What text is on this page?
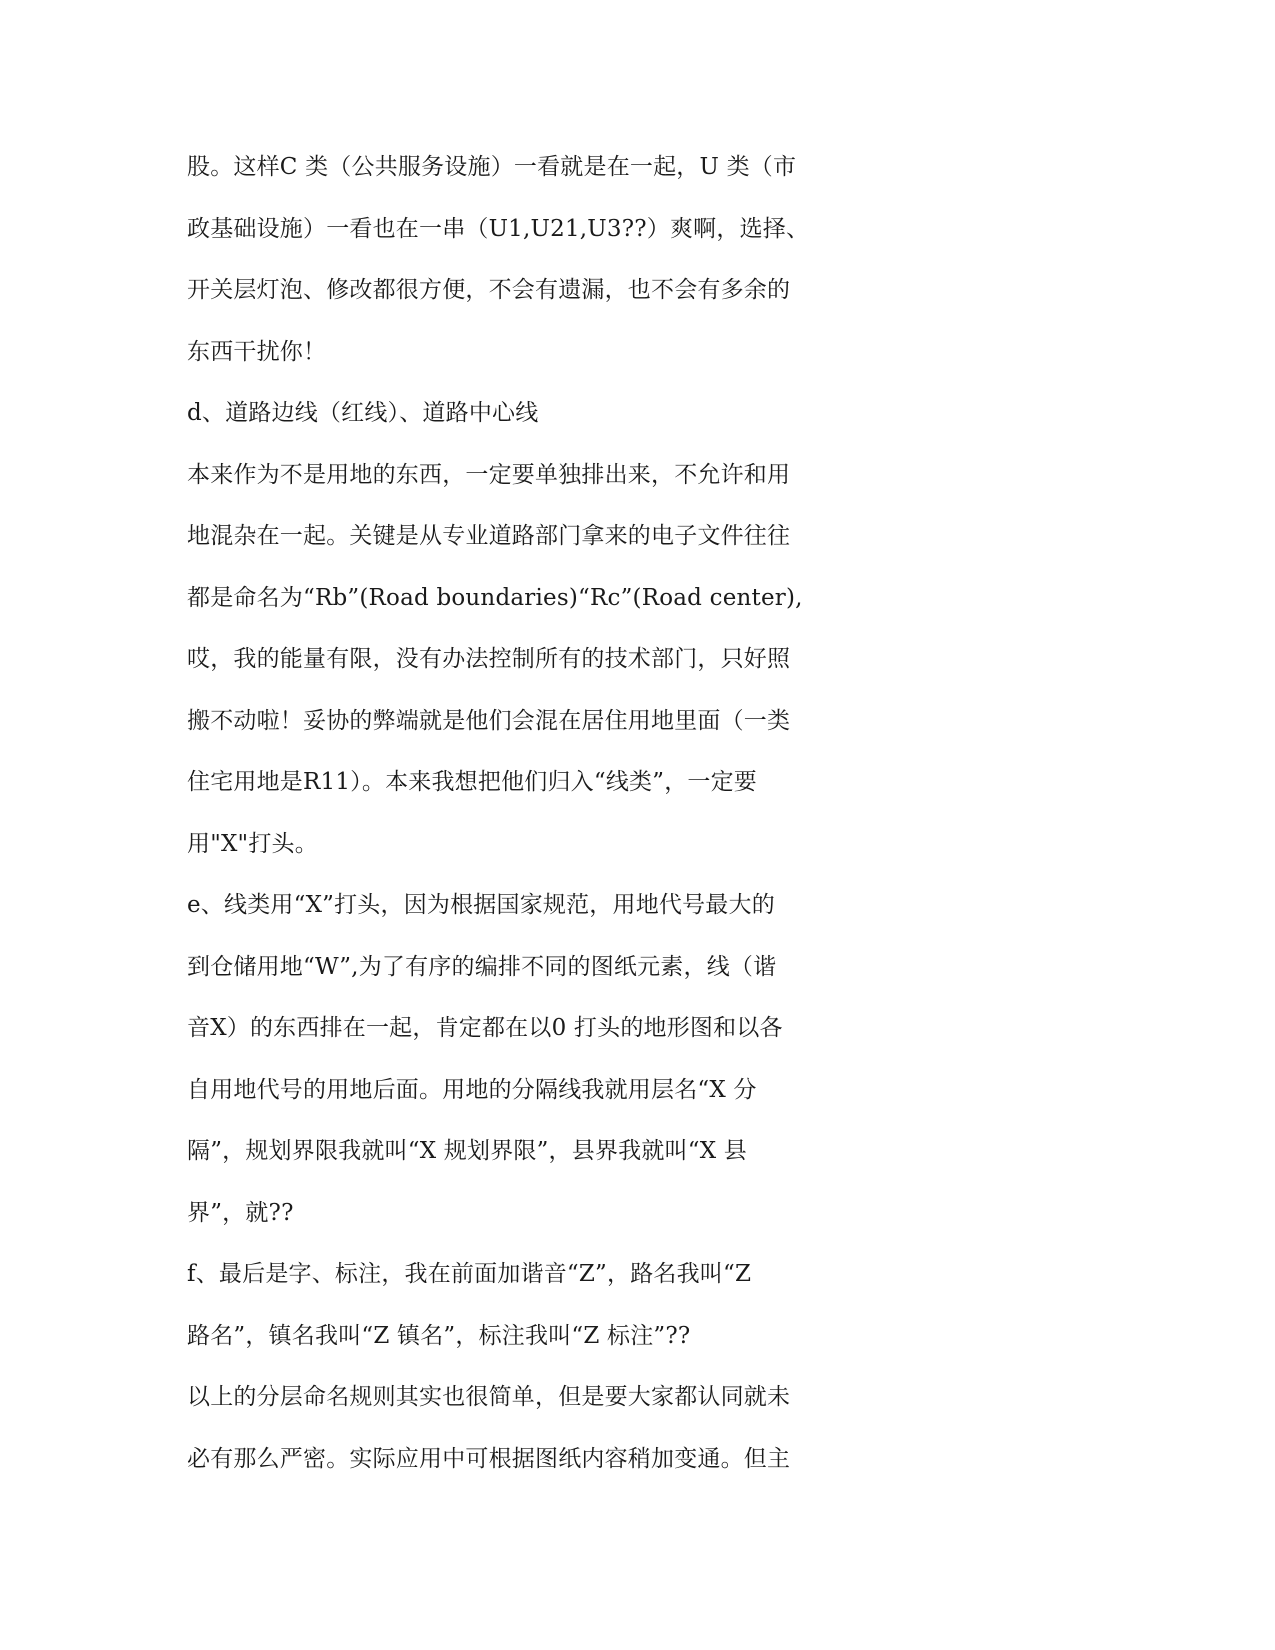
股。这样C 类（公共服务设施）一看就是在一起，U 类（市
政基础设施）一看也在一串（U1,U21,U3??）爽啊，选择、
开关层灯泡、修改都很方便，不会有遗漏，也不会有多余的
东西干扰你！
d、道路边线（红线）、道路中心线
本来作为不是用地的东西，一定要单独排出来，不允许和用
地混杂在一起。关键是从专业道路部门拿来的电子文件往往
都是命名为“Rb”(Road boundaries)“Rc”(Road center),
哎，我的能量有限，没有办法控制所有的技术部门，只好照
搬不动啦！妥协的弊端就是他们会混在居住用地里面（一类
住宅用地是R11）。本来我想把他们归入“线类”，一定要
用"X"打头。
e、线类用“X”打头，因为根据国家规范，用地代号最大的
到仓储用地“W”,为了有序的编排不同的图纸元素，线（谐
音X）的东西排在一起，肯定都在以0 打头的地形图和以各
自用地代号的用地后面。用地的分隔线我就用层名“X 分
隔”，规划界限我就叫“X 规划界限”，县界我就叫“X 县
界”，就??
f、最后是字、标注，我在前面加谐音“Z”，路名我叫“Z
路名”，镇名我叫“Z 镇名”，标注我叫“Z 标注”??
以上的分层命名规则其实也很简单，但是要大家都认同就未
必有那么严密。实际应用中可根据图纸内容稍加变通。但主
